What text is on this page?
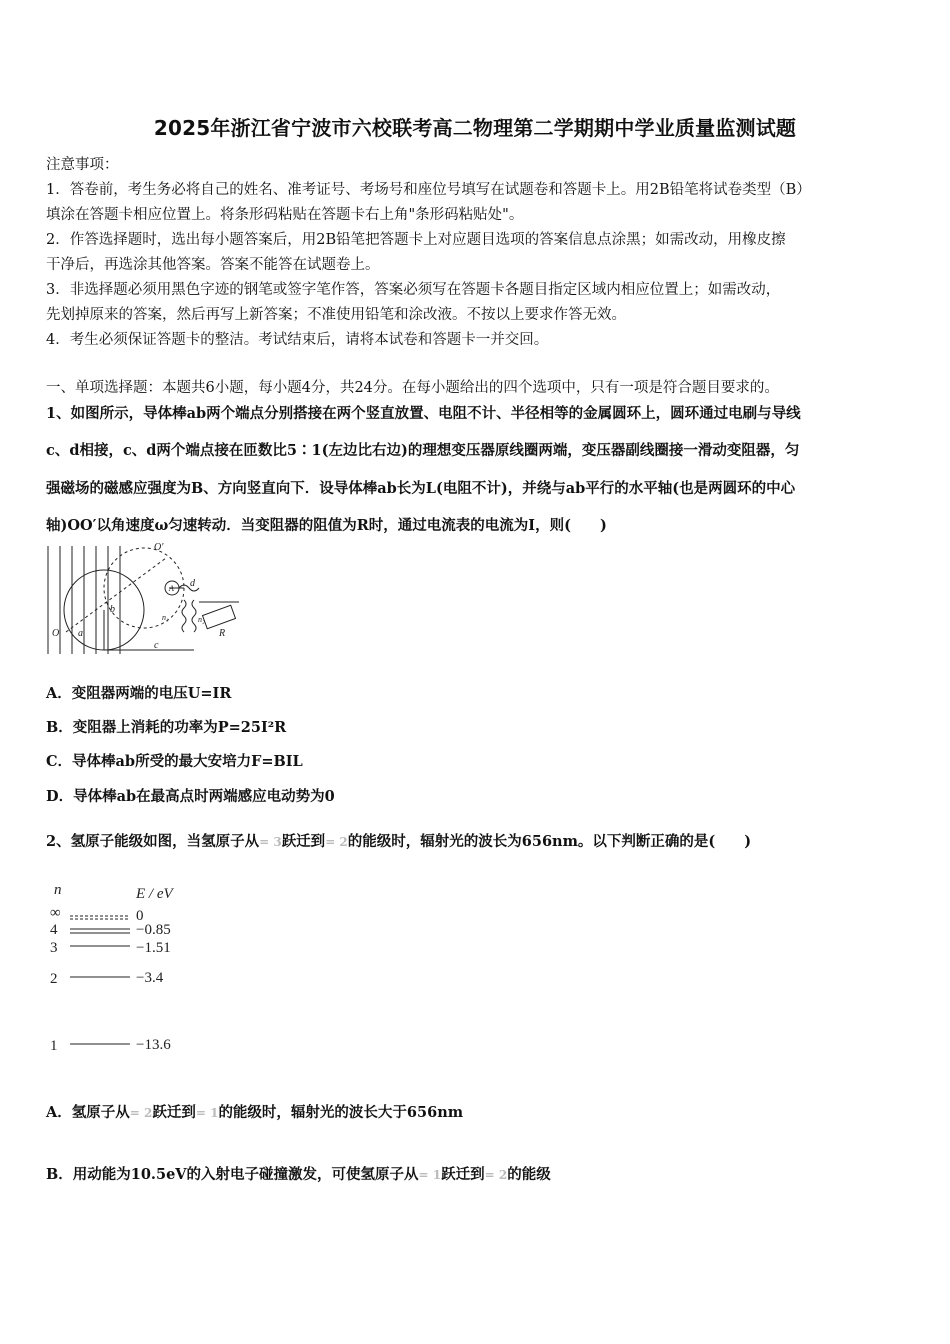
2025年浙江省宁波市六校联考高二物理第二学期期中学业质量监测试题
注意事项：
1．答卷前，考生务必将自己的姓名、准考证号、考场号和座位号填写在试题卷和答题卡上。用2B铅笔将试卷类型（B）
填涂在答题卡相应位置上。将条形码粘贴在答题卡右上角"条形码粘贴处"。
2．作答选择题时，选出每小题答案后，用2B铅笔把答题卡上对应题目选项的答案信息点涂黑；如需改动，用橡皮擦
干净后，再选涂其他答案。答案不能答在试题卷上。
3．非选择题必须用黑色字迹的钢笔或签字笔作答，答案必须写在答题卡各题目指定区域内相应位置上；如需改动，
先划掉原来的答案，然后再写上新答案；不准使用铅笔和涂改液。不按以上要求作答无效。
4．考生必须保证答题卡的整洁。考试结束后，请将本试卷和答题卡一并交回。
一、单项选择题：本题共6小题，每小题4分，共24分。在每小题给出的四个选项中，只有一项是符合题目要求的。
1、如图所示，导体棒ab两个端点分别搭接在两个竖直放置、电阻不计、半径相等的金属圆环上，圆环通过电刷与导线
c、d相接，c、d两个端点接在匝数比5∶1(左边比右边)的理想变压器原线圈两端，变压器副线圈接一滑动变阻器，匀
强磁场的磁感应强度为B、方向竖直向下．设导体棒ab长为L(电阻不计)，并绕与ab平行的水平轴(也是两圆环的中心
轴)OO′以角速度ω匀速转动．当变阻器的阻值为R时，通过电流表的电流为I，则(　　)
O′
O a
b
A d
n₁	n₂
R
c
A．变阻器两端的电压U=IR
B．变阻器上消耗的功率为P=25I²R
C．导体棒ab所受的最大安培力F=BIL
D．导体棒ab在最高点时两端感应电动势为0
2、氢原子能级如图，当氢原子从= 3跃迁到= 2的能级时，辐射光的波长为656nm。以下判断正确的是(　　)
n	E / eV
∞	0
4	−0.85
3	−1.51
2	−3.4
1	−13.6
A．氢原子从= 2跃迁到= 1的能级时，辐射光的波长大于656nm
B．用动能为10.5eV的入射电子碰撞激发，可使氢原子从= 1跃迁到= 2的能级
